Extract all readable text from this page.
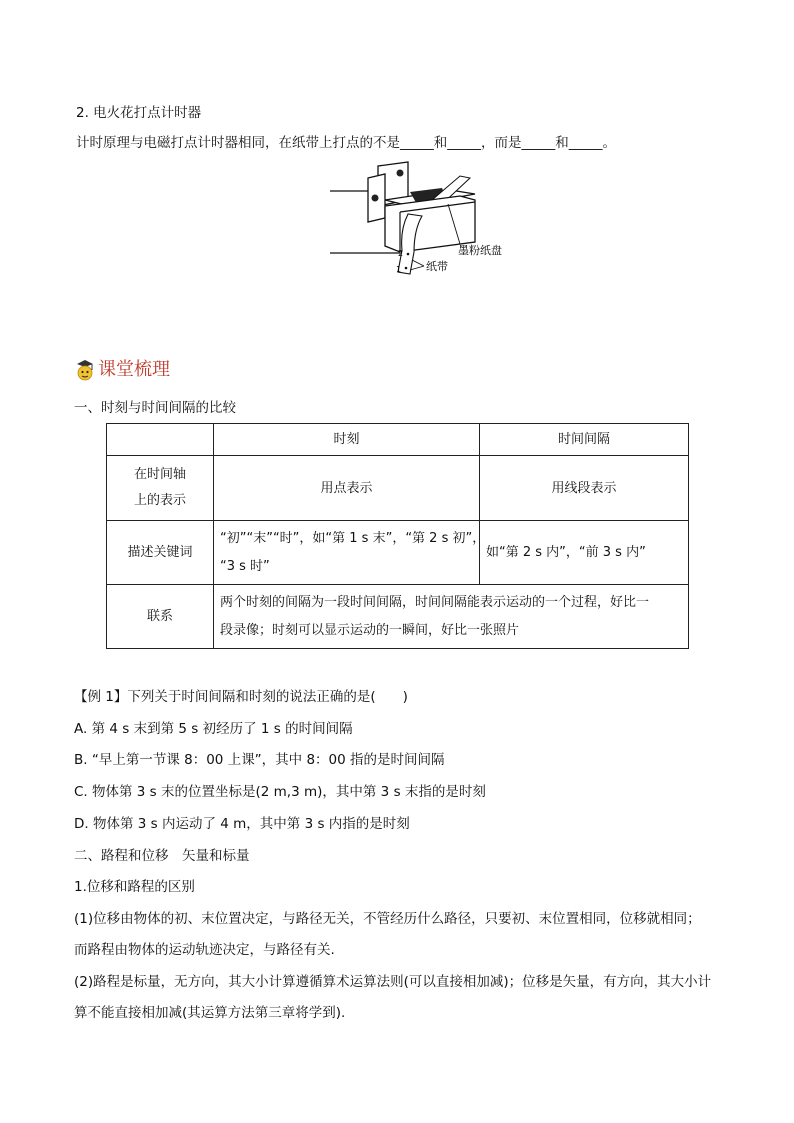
2. 电火花打点计时器
计时原理与电磁打点计时器相同，在纸带上打点的不是_____和_____，而是_____和_____。
2
1
墨粉纸盘
纸带
课堂梳理
一、时刻与时间间隔的比较
	时刻	时间间隔

在时间轴
上的表示	用点表示	用线段表示
描述关键词	“初”“末”“时”，如“第 1 s 末”，“第 2 s 初”，
“3 s 时”	如“第 2 s 内”，“前 3 s 内”
联系	两个时刻的间隔为一段时间间隔，时间间隔能表示运动的一个过程，好比一
段录像；时刻可以显示运动的一瞬间，好比一张照片	
【例 1】下列关于时间间隔和时刻的说法正确的是(　　)
A. 第 4 s 末到第 5 s 初经历了 1 s 的时间间隔
B. “早上第一节课 8：00 上课”，其中 8：00 指的是时间间隔
C. 物体第 3 s 末的位置坐标是(2 m,3 m)，其中第 3 s 末指的是时刻
D. 物体第 3 s 内运动了 4 m，其中第 3 s 内指的是时刻
二、路程和位移　矢量和标量
1.位移和路程的区别
(1)位移由物体的初、末位置决定，与路径无关，不管经历什么路径，只要初、末位置相同，位移就相同；
而路程由物体的运动轨迹决定，与路径有关.
(2)路程是标量，无方向，其大小计算遵循算术运算法则(可以直接相加减)；位移是矢量，有方向，其大小计
算不能直接相加减(其运算方法第三章将学到).
